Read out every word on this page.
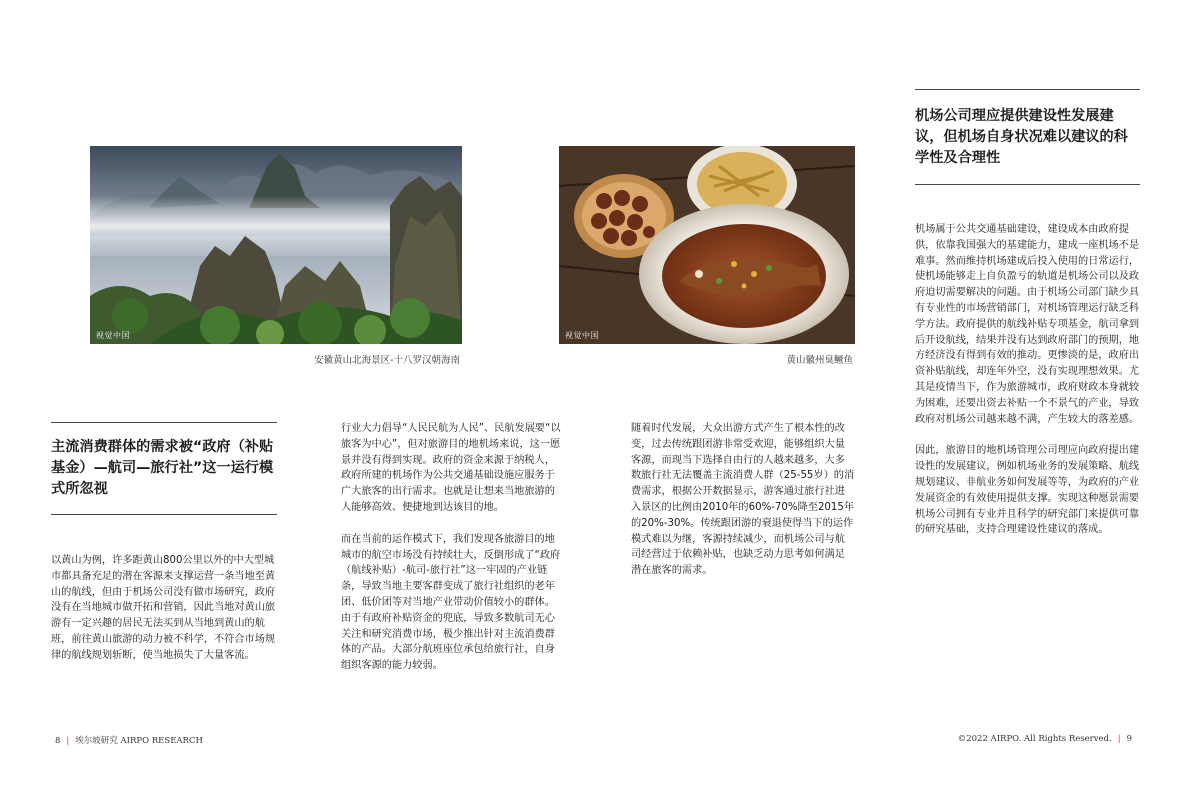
视觉中国
安徽黄山北海景区-十八罗汉朝海南
主流消费群体的需求被“政府（补贴基金）—航司—旅行社”这一运行模式所忽视

以黄山为例，许多距黄山800公里以外的中大型城市都具备充足的潜在客源来支撑运营一条当地至黄山的航线，但由于机场公司没有做市场研究，政府没有在当地城市做开拓和营销，因此当地对黄山旅游有一定兴趣的居民无法买到从当地到黄山的航班，前往黄山旅游的动力被不科学，不符合市场规律的航线规划斩断，使当地损失了大量客流。

行业大力倡导“人民民航为人民”、民航发展要“以旅客为中心”，但对旅游目的地机场来说，这一愿景并没有得到实现。政府的资金来源于纳税人，政府所建的机场作为公共交通基础设施应服务于广大旅客的出行需求。也就是让想来当地旅游的人能够高效、便捷地到达该目的地。

而在当前的运作模式下，我们发现各旅游目的地城市的航空市场没有持续壮大，反倒形成了“政府（航线补贴）-航司-旅行社”这一牢固的产业链条，导致当地主要客群变成了旅行社组织的老年团、低价团等对当地产业带动价值较小的群体。由于有政府补贴资金的兜底，导致多数航司无心关注和研究消费市场，极少推出针对主流消费群体的产品。大部分航班座位承包给旅行社，自身组织客源的能力较弱。

8 | 埃尔坡研究 AIRPO RESEARCH
视觉中国
黄山徽州臭鳜鱼

随着时代发展，大众出游方式产生了根本性的改变，过去传统跟团游非常受欢迎，能够组织大量客源，而现当下选择自由行的人越来越多，大多数旅行社无法覆盖主流消费人群（25-55岁）的消费需求，根据公开数据显示，游客通过旅行社进入景区的比例由2010年的60%-70%降至2015年的20%-30%。传统跟团游的衰退使得当下的运作模式难以为继，客源持续减少，而机场公司与航司经营过于依赖补贴，也缺乏动力思考如何满足潜在旅客的需求。

机场公司理应提供建设性发展建议，但机场自身状况难以建议的科学性及合理性

机场属于公共交通基础建设，建设成本由政府提供，依靠我国强大的基建能力，建成一座机场不是难事。然而维持机场建成后投入使用的日常运行，使机场能够走上自负盈亏的轨道是机场公司以及政府迫切需要解决的问题。由于机场公司部门缺少具有专业性的市场营销部门，对机场管理运行缺乏科学方法。政府提供的航线补贴专项基金，航司拿到后开设航线，结果并没有达到政府部门的预期，地方经济没有得到有效的推动。更惨淡的是，政府出资补贴航线，却连年外空，没有实现理想效果。尤其是疫情当下，作为旅游城市，政府财政本身就较为困难，还要出资去补贴一个不景气的产业，导致政府对机场公司越来越不满，产生较大的落差感。

因此，旅游目的地机场管理公司理应向政府提出建设性的发展建议，例如机场业务的发展策略、航线规划建议、非航业务如何发展等等，为政府的产业发展资金的有效使用提供支撑。实现这种愿景需要机场公司拥有专业并且科学的研究部门来提供可靠的研究基础，支持合理建设性建议的落成。

©2022 AIRPO. All Rights Reserved. | 9
